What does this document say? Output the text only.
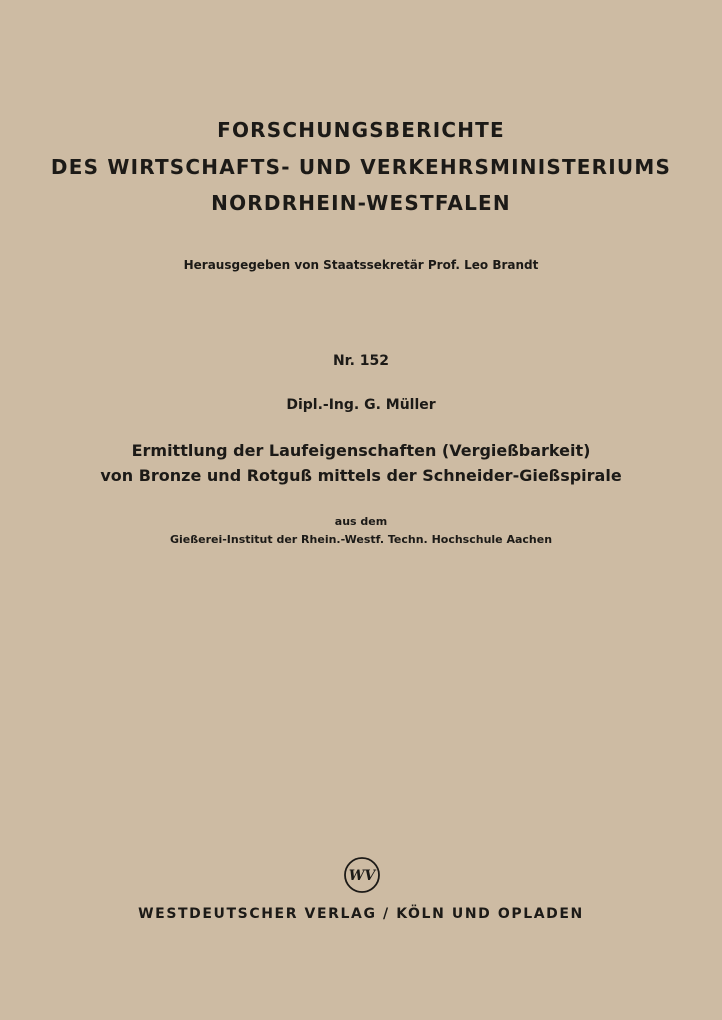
FORSCHUNGSBERICHTE

DES WIRTSCHAFTS- UND VERKEHRSMINISTERIUMS

NORDRHEIN-WESTFALEN

Herausgegeben von Staatssekretär Prof. Leo Brandt

Nr. 152

Dipl.-Ing. G. Müller

Ermittlung der Laufeigenschaften (Vergießbarkeit)

von Bronze und Rotguß mittels der Schneider-Gießspirale

aus dem

Gießerei-Institut der Rhein.-Westf. Techn. Hochschule Aachen

WV

WESTDEUTSCHER VERLAG / KÖLN UND OPLADEN
